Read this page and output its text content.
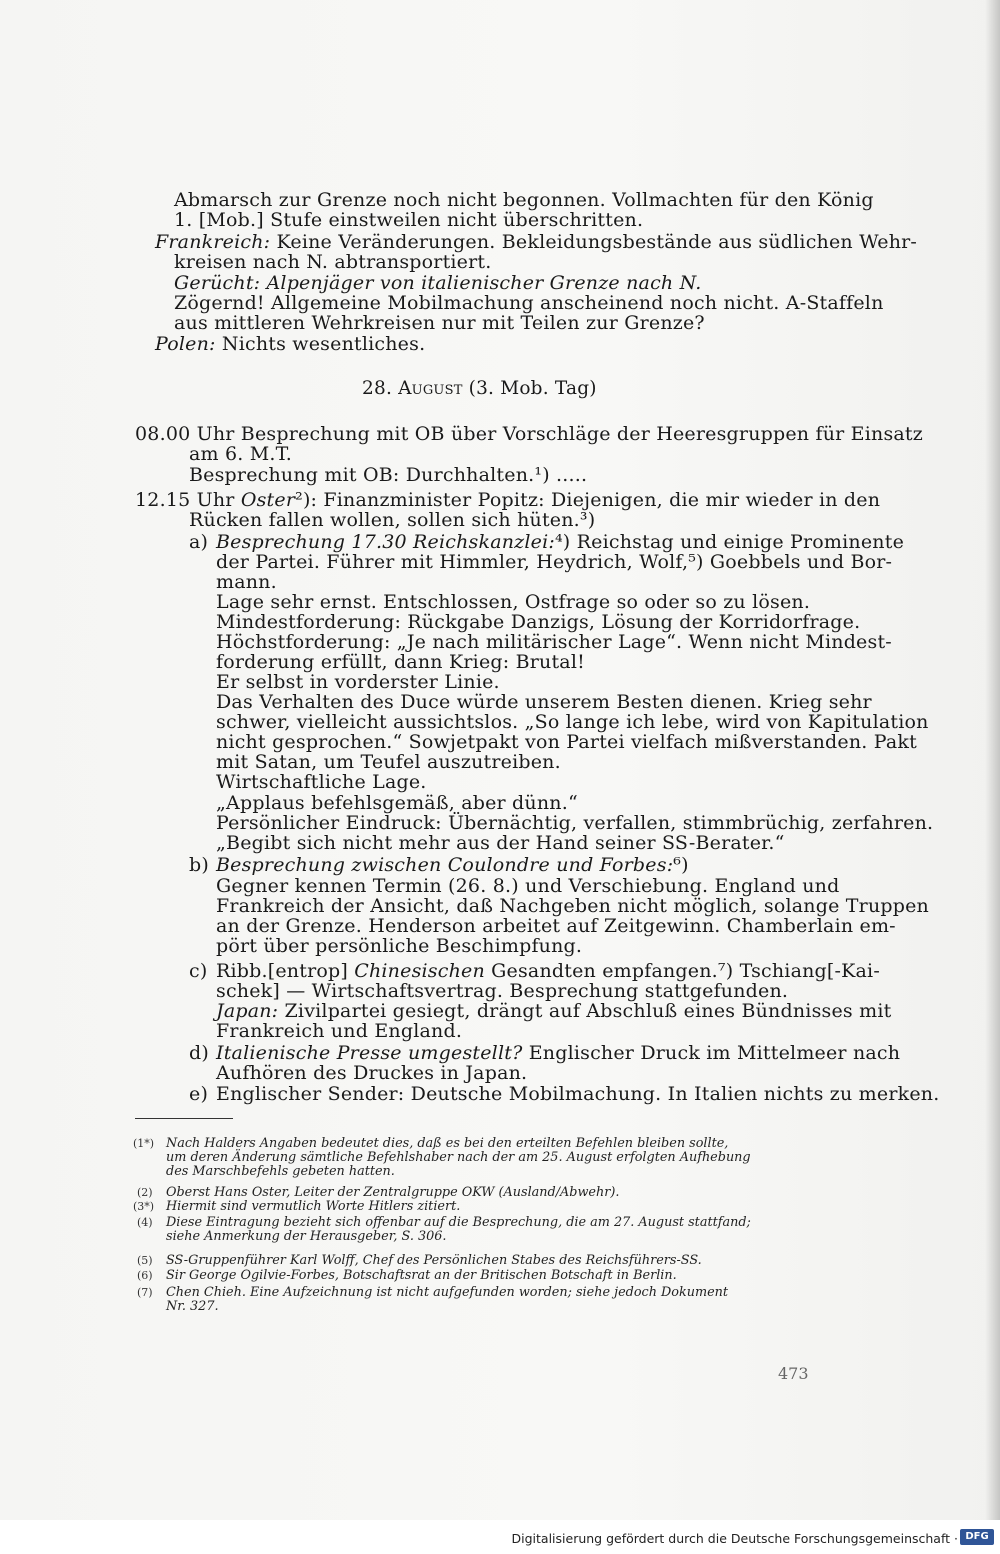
Abmarsch zur Grenze noch nicht begonnen. Vollmachten für den König
1. [Mob.] Stufe einstweilen nicht überschritten.
Frankreich: Keine Veränderungen. Bekleidungsbestände aus südlichen Wehr-
kreisen nach N. abtransportiert.
Gerücht: Alpenjäger von italienischer Grenze nach N.
Zögernd! Allgemeine Mobilmachung anscheinend noch nicht. A-Staffeln
aus mittleren Wehrkreisen nur mit Teilen zur Grenze?
Polen: Nichts wesentliches.
28. August (3. Mob. Tag)
08.00 Uhr Besprechung mit OB über Vorschläge der Heeresgruppen für Einsatz
am 6. M.T.
Besprechung mit OB: Durchhalten.¹) .....
12.15 Uhr Oster²): Finanzminister Popitz: Diejenigen, die mir wieder in den
Rücken fallen wollen, sollen sich hüten.³)
a) Besprechung 17.30 Reichskanzlei:⁴) Reichstag und einige Prominente
der Partei. Führer mit Himmler, Heydrich, Wolf,⁵) Goebbels und Bor-
mann.
Lage sehr ernst. Entschlossen, Ostfrage so oder so zu lösen.
Mindestforderung: Rückgabe Danzigs, Lösung der Korridorfrage.
Höchstforderung: „Je nach militärischer Lage“. Wenn nicht Mindest-
forderung erfüllt, dann Krieg: Brutal!
Er selbst in vorderster Linie.
Das Verhalten des Duce würde unserem Besten dienen. Krieg sehr
schwer, vielleicht aussichtslos. „So lange ich lebe, wird von Kapitulation
nicht gesprochen.“ Sowjetpakt von Partei vielfach mißverstanden. Pakt
mit Satan, um Teufel auszutreiben.
Wirtschaftliche Lage.
„Applaus befehlsgemäß, aber dünn.“
Persönlicher Eindruck: Übernächtig, verfallen, stimmbrüchig, zerfahren.
„Begibt sich nicht mehr aus der Hand seiner SS-Berater.“
b) Besprechung zwischen Coulondre und Forbes:⁶)
Gegner kennen Termin (26. 8.) und Verschiebung. England und
Frankreich der Ansicht, daß Nachgeben nicht möglich, solange Truppen
an der Grenze. Henderson arbeitet auf Zeitgewinn. Chamberlain em-
pört über persönliche Beschimpfung.
c) Ribb.[entrop] Chinesischen Gesandten empfangen.⁷) Tschiang[-Kai-
schek] — Wirtschaftsvertrag. Besprechung stattgefunden.
Japan: Zivilpartei gesiegt, drängt auf Abschluß eines Bündnisses mit
Frankreich und England.
d) Italienische Presse umgestellt? Englischer Druck im Mittelmeer nach
Aufhören des Druckes in Japan.
e) Englischer Sender: Deutsche Mobilmachung. In Italien nichts zu merken.
(1*) Nach Halders Angaben bedeutet dies, daß es bei den erteilten Befehlen bleiben sollte,
um deren Änderung sämtliche Befehlshaber nach der am 25. August erfolgten Aufhebung
des Marschbefehls gebeten hatten.
(2) Oberst Hans Oster, Leiter der Zentralgruppe OKW (Ausland/Abwehr).
(3*) Hiermit sind vermutlich Worte Hitlers zitiert.
(4) Diese Eintragung bezieht sich offenbar auf die Besprechung, die am 27. August stattfand;
siehe Anmerkung der Herausgeber, S. 306.
(5) SS-Gruppenführer Karl Wolff, Chef des Persönlichen Stabes des Reichsführers-SS.
(6) Sir George Ogilvie-Forbes, Botschaftsrat an der Britischen Botschaft in Berlin.
(7) Chen Chieh. Eine Aufzeichnung ist nicht aufgefunden worden; siehe jedoch Dokument
Nr. 327.
473
Digitalisierung gefördert durch die Deutsche Forschungsgemeinschaft · DFG
